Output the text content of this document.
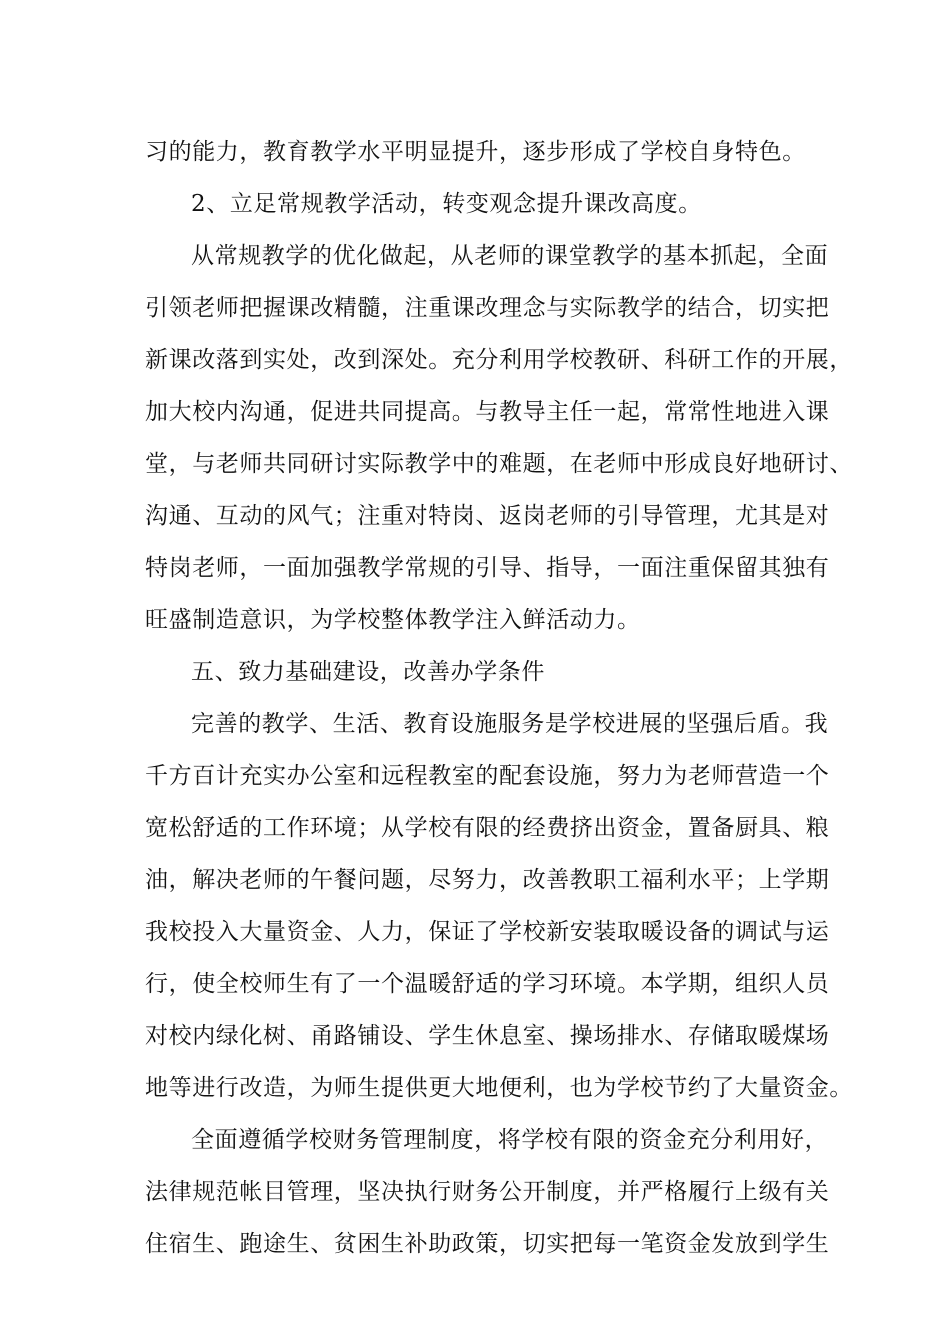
习的能力，教育教学水平明显提升，逐步形成了学校自身特色。
2、立足常规教学活动，转变观念提升课改高度。
从常规教学的优化做起，从老师的课堂教学的基本抓起，全面
引领老师把握课改精髓，注重课改理念与实际教学的结合，切实把
新课改落到实处，改到深处。充分利用学校教研、科研工作的开展，
加大校内沟通，促进共同提高。与教导主任一起，常常性地进入课
堂，与老师共同研讨实际教学中的难题，在老师中形成良好地研讨、
沟通、互动的风气；注重对特岗、返岗老师的引导管理，尤其是对
特岗老师，一面加强教学常规的引导、指导，一面注重保留其独有
旺盛制造意识，为学校整体教学注入鲜活动力。
五、致力基础建设，改善办学条件
完善的教学、生活、教育设施服务是学校进展的坚强后盾。我
千方百计充实办公室和远程教室的配套设施，努力为老师营造一个
宽松舒适的工作环境；从学校有限的经费挤出资金，置备厨具、粮
油，解决老师的午餐问题，尽努力，改善教职工福利水平；上学期
我校投入大量资金、人力，保证了学校新安装取暖设备的调试与运
行，使全校师生有了一个温暖舒适的学习环境。本学期，组织人员
对校内绿化树、甬路铺设、学生休息室、操场排水、存储取暖煤场
地等进行改造，为师生提供更大地便利，也为学校节约了大量资金。
全面遵循学校财务管理制度，将学校有限的资金充分利用好，
法律规范帐目管理，坚决执行财务公开制度，并严格履行上级有关
住宿生、跑途生、贫困生补助政策，切实把每一笔资金发放到学生
